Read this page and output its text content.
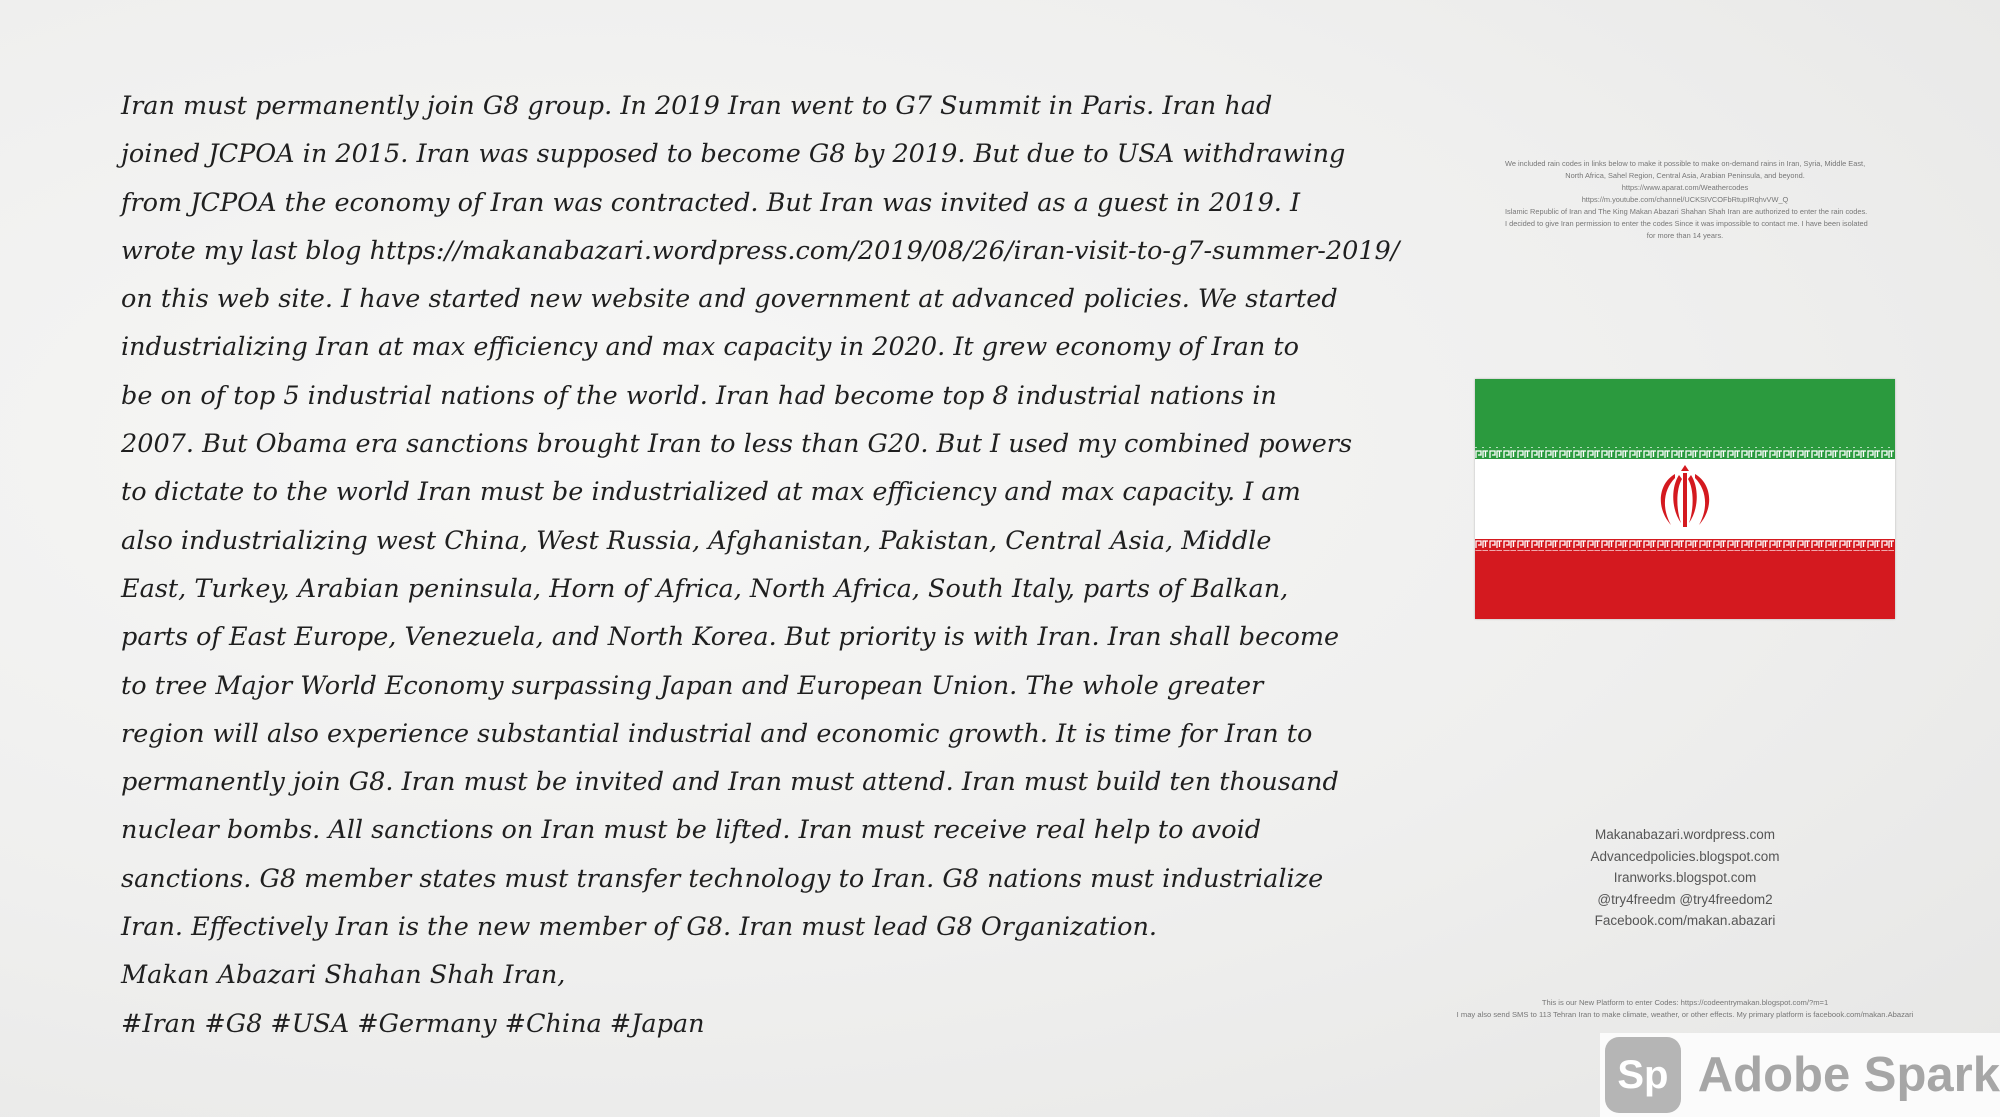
Iran must permanently join G8 group. In 2019 Iran went to G7 Summit in Paris. Iran had
joined JCPOA in 2015. Iran was supposed to become G8 by 2019. But due to USA withdrawing
from JCPOA the economy of Iran was contracted. But Iran was invited as a guest in 2019. I
wrote my last blog https://makanabazari.wordpress.com/2019/08/26/iran-visit-to-g7-summer-2019/
on this web site. I have started new website and government at advanced policies. We started
industrializing Iran at max efficiency and max capacity in 2020. It grew economy of Iran to
be on of top 5 industrial nations of the world. Iran had become top 8 industrial nations in
2007. But Obama era sanctions brought Iran to less than G20. But I used my combined powers
to dictate to the world Iran must be industrialized at max efficiency and max capacity. I am
also industrializing west China, West Russia, Afghanistan, Pakistan, Central Asia, Middle
East, Turkey, Arabian peninsula, Horn of Africa, North Africa, South Italy, parts of Balkan,
parts of East Europe, Venezuela, and North Korea. But priority is with Iran. Iran shall become
to tree Major World Economy surpassing Japan and European Union. The whole greater
region will also experience substantial industrial and economic growth. It is time for Iran to
permanently join G8. Iran must be invited and Iran must attend. Iran must build ten thousand
nuclear bombs. All sanctions on Iran must be lifted. Iran must receive real help to avoid
sanctions. G8 member states must transfer technology to Iran. G8 nations must industrialize
Iran. Effectively Iran is the new member of G8. Iran must lead G8 Organization.
Makan Abazari Shahan Shah Iran,
#Iran #G8 #USA #Germany #China #Japan
We included rain codes in links below to make it possible to make on-demand rains in Iran, Syria, Middle East,
North Africa, Sahel Region, Central Asia, Arabian Peninsula, and beyond.
https://www.aparat.com/Weathercodes
https://m.youtube.com/channel/UCKSIVCOFbRtupIRqhvVW_Q
Islamic Republic of Iran and The King Makan Abazari Shahan Shah Iran are authorized to enter the rain codes.
I decided to give Iran permission to enter the codes Since it was impossible to contact me. I have been isolated
for more than 14 years.
Makanabazari.wordpress.com
Advancedpolicies.blogspot.com
Iranworks.blogspot.com
@try4freedm @try4freedom2
Facebook.com/makan.abazari
This is our New Platform to enter Codes: https://codeentrymakan.blogspot.com/?m=1
I may also send SMS to 113 Tehran Iran to make climate, weather, or other effects. My primary platform is facebook.com/makan.Abazari
Sp Adobe Spark
